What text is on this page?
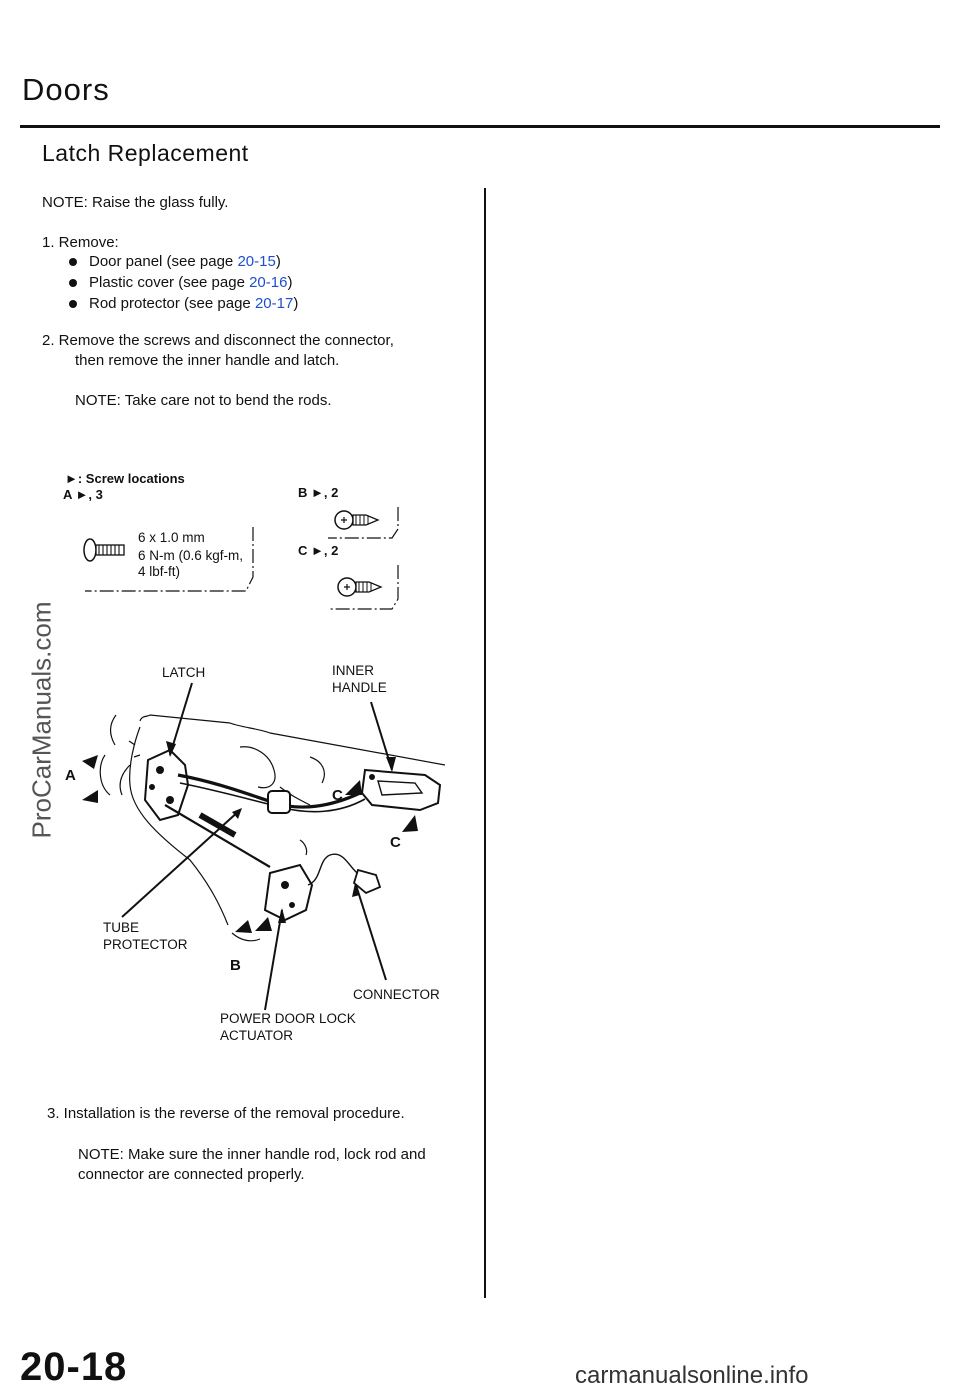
Doors
Latch Replacement
NOTE: Raise the glass fully.
1. Remove:
Door panel (see page 20-15)
Plastic cover (see page 20-16)
Rod protector (see page 20-17)
2. Remove the screws and disconnect the connector,
then remove the inner handle and latch.
NOTE: Take care not to bend the rods.
►: Screw locations
A ►, 3	B ►, 2
C ►, 2
6 x 1.0 mm
6 N-m (0.6 kgf-m,
4 lbf-ft)
LATCH	INNER
HANDLE
A
C
C
B
TUBE
PROTECTOR
CONNECTOR
POWER DOOR LOCK
ACTUATOR
3. Installation is the reverse of the removal procedure.
NOTE: Make sure the inner handle rod, lock rod and
connector are connected properly.
ProCarManuals.com
20-18	carmanualsonline.info
